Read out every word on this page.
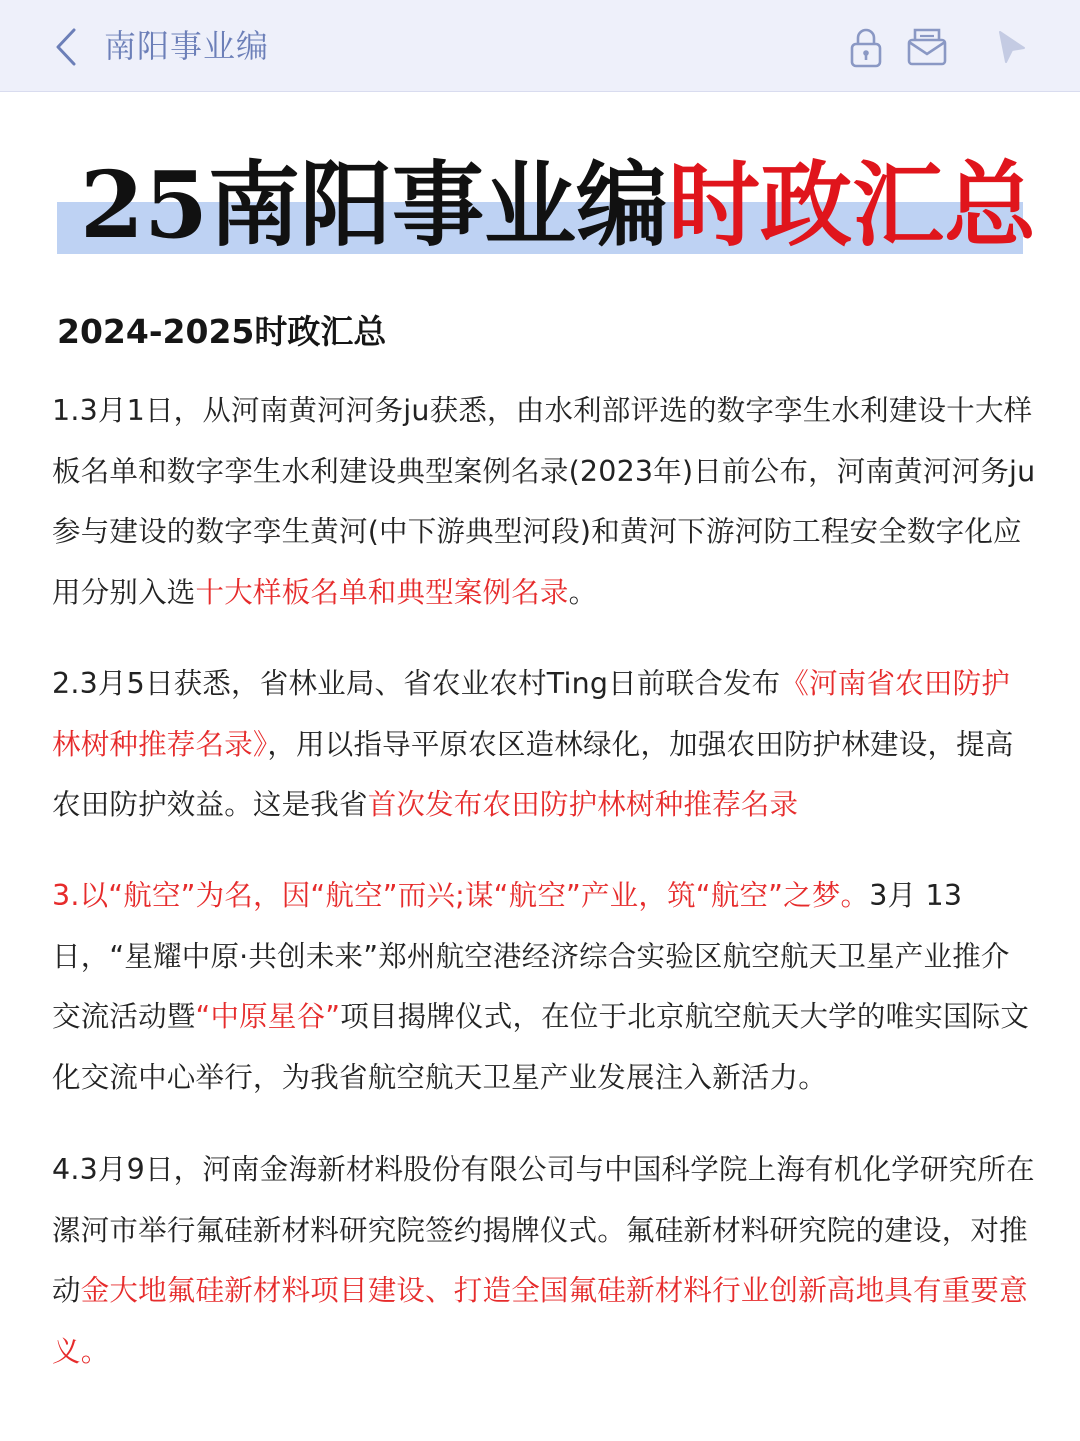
南阳事业编
25南阳事业编时政汇总
2024-2025时政汇总

1.3月1日，从河南黄河河务ju获悉，由水利部评选的数字孪生水利建设十大样板名单和数字孪生水利建设典型案例名录(2023年)日前公布，河南黄河河务ju参与建设的数字孪生黄河(中下游典型河段)和黄河下游河防工程安全数字化应用分别入选十大样板名单和典型案例名录。

2.3月5日获悉，省林业局、省农业农村Ting日前联合发布《河南省农田防护林树种推荐名录》，用以指导平原农区造林绿化，加强农田防护林建设，提高农田防护效益。这是我省首次发布农田防护林树种推荐名录

3.以“航空”为名，因“航空”而兴;谋“航空”产业，筑“航空”之梦。3月 13 日，“星耀中原·共创未来”郑州航空港经济综合实验区航空航天卫星产业推介交流活动暨“中原星谷”项目揭牌仪式，在位于北京航空航天大学的唯实国际文化交流中心举行，为我省航空航天卫星产业发展注入新活力。

4.3月9日，河南金海新材料股份有限公司与中国科学院上海有机化学研究所在漯河市举行氟硅新材料研究院签约揭牌仪式。氟硅新材料研究院的建设，对推动金大地氟硅新材料项目建设、打造全国氟硅新材料行业创新高地具有重要意义。
